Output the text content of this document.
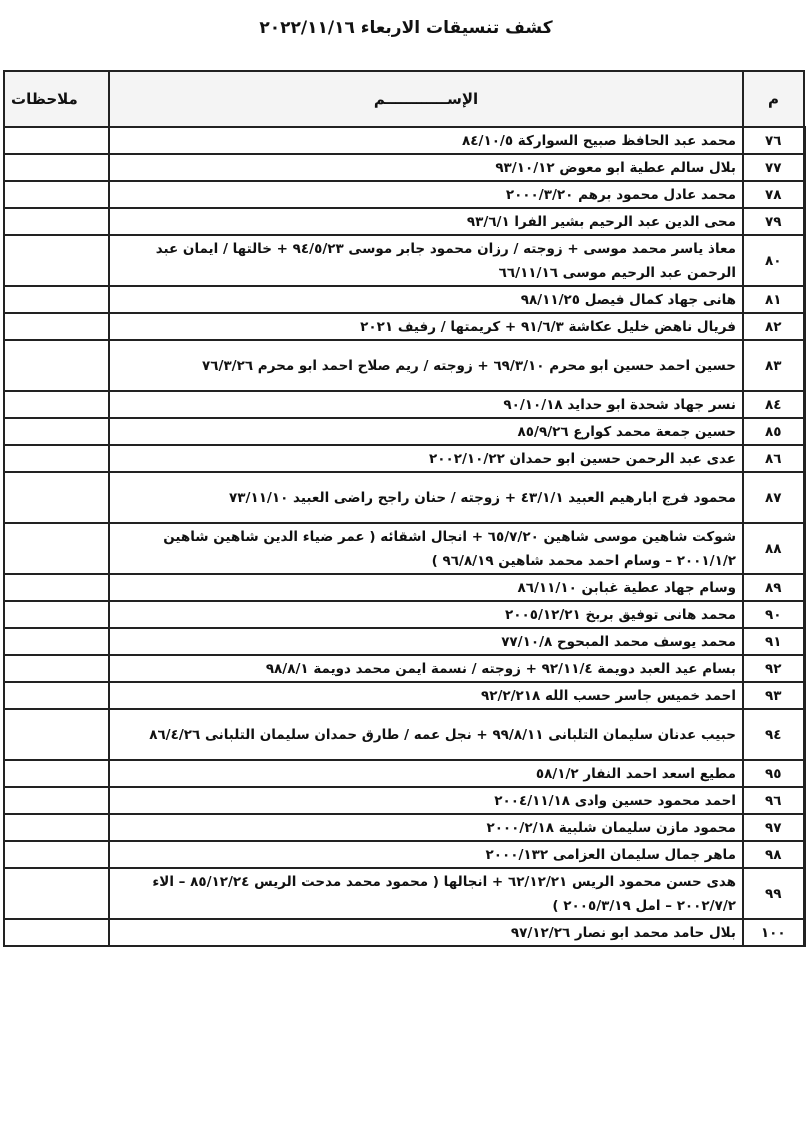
كشف تنسيقات الاربعاء ٢٠٢٢/١١/١٦
م	الإســــــــــــم	ملاحظات
٧٦	محمد عبد الحافظ صبيح السواركة ٨٤/١٠/٥	
٧٧	بلال سالم عطية ابو معوض ٩٣/١٠/١٢	
٧٨	محمد عادل محمود برهم ٢٠٠٠/٣/٢٠	
٧٩	محى الدين عبد الرحيم بشير الفرا ٩٣/٦/١	
٨٠	معاذ ياسر محمد موسى + زوجته / رزان محمود جابر موسى ٩٤/٥/٢٣ + خالتها / ايمان عبد الرحمن عبد الرحيم موسى ٦٦/١١/١٦	
٨١	هانى جهاد كمال فيصل ٩٨/١١/٢٥	
٨٢	فريال ناهض خليل عكاشة ٩١/٦/٣ + كريمتها / رفيف ٢٠٢١	
٨٣	حسين احمد حسين ابو محرم ٦٩/٣/١٠ + زوجته / ريم صلاح احمد ابو محرم ٧٦/٣/٢٦	
٨٤	نسر جهاد شحدة ابو حدايد ٩٠/١٠/١٨	
٨٥	حسين جمعة محمد كوارع ٨٥/٩/٢٦	
٨٦	عدى عبد الرحمن حسين ابو حمدان ٢٠٠٢/١٠/٢٢	
٨٧	محمود فرج ابارهيم العبيد ٤٣/١/١ + زوجته / حنان راجح راضى العبيد ٧٣/١١/١٠	
٨٨	شوكت شاهين موسى شاهين ٦٥/٧/٢٠ + انجال اشقائه ( عمر ضياء الدين شاهين شاهين ٢٠٠١/١/٢ – وسام احمد محمد شاهين ٩٦/٨/١٩ )	
٨٩	وسام جهاد عطية غبابن ٨٦/١١/١٠	
٩٠	محمد هانى توفيق بربخ ٢٠٠٥/١٢/٢١	
٩١	محمد يوسف محمد المبحوح ٧٧/١٠/٨	
٩٢	بسام عيد العبد دويمة ٩٢/١١/٤ + زوجته / نسمة ايمن محمد دويمة ٩٨/٨/١	
٩٣	احمد خميس جاسر حسب الله ٩٢/٢/٢١٨	
٩٤	حبيب عدنان سليمان التلبانى ٩٩/٨/١١ + نجل عمه / طارق حمدان سليمان التلبانى ٨٦/٤/٢٦	
٩٥	مطيع اسعد احمد النفار ٥٨/١/٢	
٩٦	احمد محمود حسين وادى ٢٠٠٤/١١/١٨	
٩٧	محمود مازن سليمان شلبية ٢٠٠٠/٢/١٨	
٩٨	ماهر جمال سليمان العزامى ٢٠٠٠/١٣٢	
٩٩	هدى حسن محمود الريس ٦٢/١٢/٢١ + انجالها ( محمود محمد مدحت الريس ٨٥/١٢/٢٤ – الاء ٢٠٠٢/٧/٢ – امل ٢٠٠٥/٣/١٩ )	
١٠٠	بلال حامد محمد ابو نصار ٩٧/١٢/٢٦	
